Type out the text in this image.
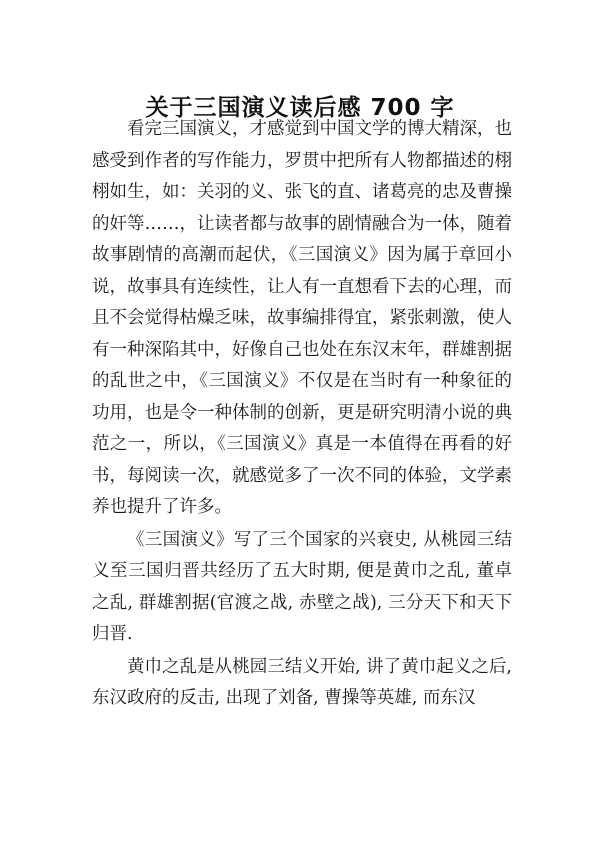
关于三国演义读后感 700 字

看完三国演义，才感觉到中国文学的博大精深，也感受到作者的写作能力，罗贯中把所有人物都描述的栩栩如生，如：关羽的义、张飞的直、诸葛亮的忠及曹操的奸等……，让读者都与故事的剧情融合为一体，随着故事剧情的高潮而起伏，《三国演义》因为属于章回小说，故事具有连续性，让人有一直想看下去的心理，而且不会觉得枯燥乏味，故事编排得宜，紧张刺激，使人有一种深陷其中，好像自己也处在东汉末年，群雄割据的乱世之中，《三国演义》不仅是在当时有一种象征的功用，也是令一种体制的创新，更是研究明清小说的典范之一，所以，《三国演义》真是一本值得在再看的好书，每阅读一次，就感觉多了一次不同的体验，文学素养也提升了许多。

《三国演义》写了三个国家的兴衰史, 从桃园三结义至三国归晋共经历了五大时期, 便是黄巾之乱, 董卓之乱, 群雄割据(官渡之战, 赤壁之战), 三分天下和天下归晋.

黄巾之乱是从桃园三结义开始, 讲了黄巾起义之后, 东汉政府的反击, 出现了刘备, 曹操等英雄, 而东汉
